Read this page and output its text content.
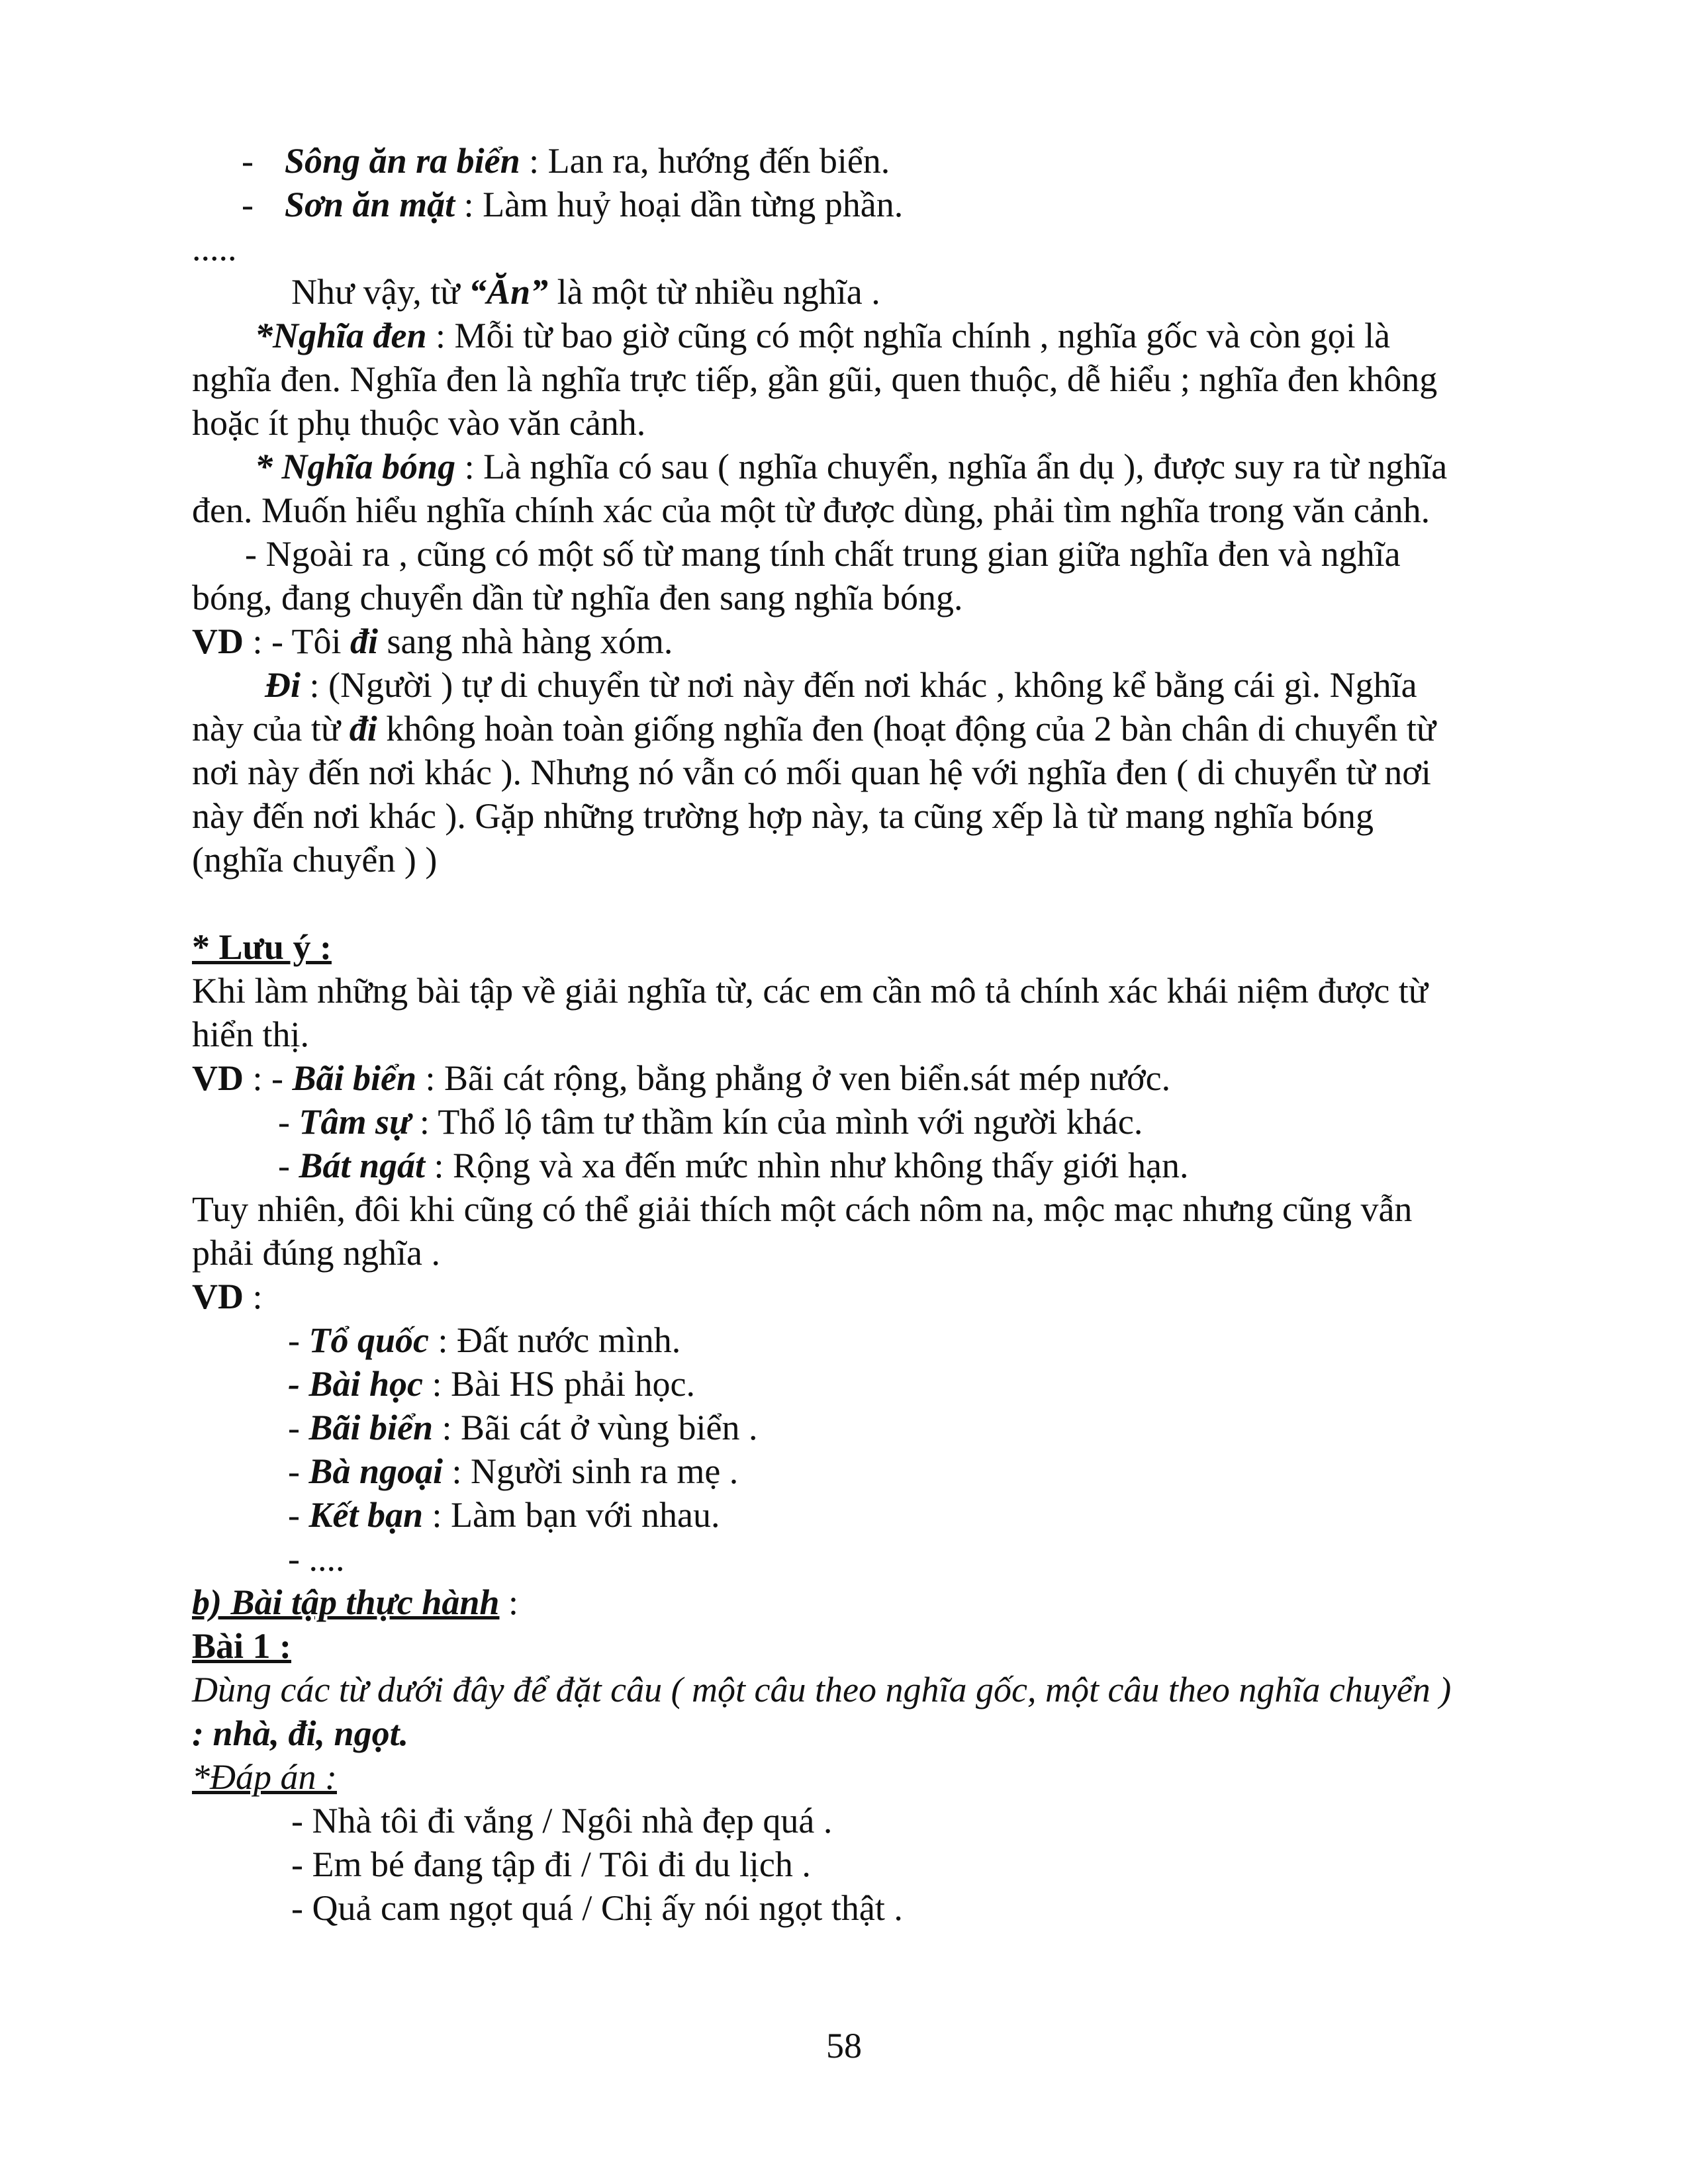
- Sông ăn ra biển : Lan ra, hướng đến biển.
- Sơn ăn mặt : Làm huỷ hoại dần từng phần.
.....
Như vậy, từ “Ăn” là một từ nhiều nghĩa .
*Nghĩa đen : Mỗi từ bao giờ cũng có một nghĩa chính , nghĩa gốc và còn gọi là
nghĩa đen. Nghĩa đen là nghĩa trực tiếp, gần gũi, quen thuộc, dễ hiểu ; nghĩa đen không
hoặc ít phụ thuộc vào văn cảnh.
* Nghĩa bóng : Là nghĩa có sau ( nghĩa chuyển, nghĩa ẩn dụ ), được suy ra từ nghĩa
đen. Muốn hiểu nghĩa chính xác của một từ được dùng, phải tìm nghĩa trong văn cảnh.
- Ngoài ra , cũng có một số từ mang tính chất trung gian giữa nghĩa đen và nghĩa
bóng, đang chuyển dần từ nghĩa đen sang nghĩa bóng.
VD : - Tôi đi sang nhà hàng xóm.
Đi : (Người ) tự di chuyển từ nơi này đến nơi khác , không kể bằng cái gì. Nghĩa
này của từ đi không hoàn toàn giống nghĩa đen (hoạt động của 2 bàn chân di chuyển từ
nơi này đến nơi khác ). Nhưng nó vẫn có mối quan hệ với nghĩa đen ( di chuyển từ nơi
này đến nơi khác ). Gặp những trường hợp này, ta cũng xếp là từ mang nghĩa bóng
(nghĩa chuyển ) )
* Lưu ý :
Khi làm những bài tập về giải nghĩa từ, các em cần mô tả chính xác khái niệm được từ
hiển thị.
VD : - Bãi biển : Bãi cát rộng, bằng phẳng ở ven biển.sát mép nước.
- Tâm sự : Thổ lộ tâm tư thầm kín của mình với người khác.
- Bát ngát : Rộng và xa đến mức nhìn như không thấy giới hạn.
Tuy nhiên, đôi khi cũng có thể giải thích một cách nôm na, mộc mạc nhưng cũng vẫn
phải đúng nghĩa .
VD :
- Tổ quốc : Đất nước mình.
- Bài học : Bài HS phải học.
- Bãi biển : Bãi cát ở vùng biển .
- Bà ngoại : Người sinh ra mẹ .
- Kết bạn : Làm bạn với nhau.
- ....
b) Bài tập thực hành :
Bài 1 :
Dùng các từ dưới đây để đặt câu ( một câu theo nghĩa gốc, một câu theo nghĩa chuyển )
: nhà, đi, ngọt.
*Đáp án :
- Nhà tôi đi vắng / Ngôi nhà đẹp quá .
- Em bé đang tập đi / Tôi đi du lịch .
- Quả cam ngọt quá / Chị ấy nói ngọt thật .
58
